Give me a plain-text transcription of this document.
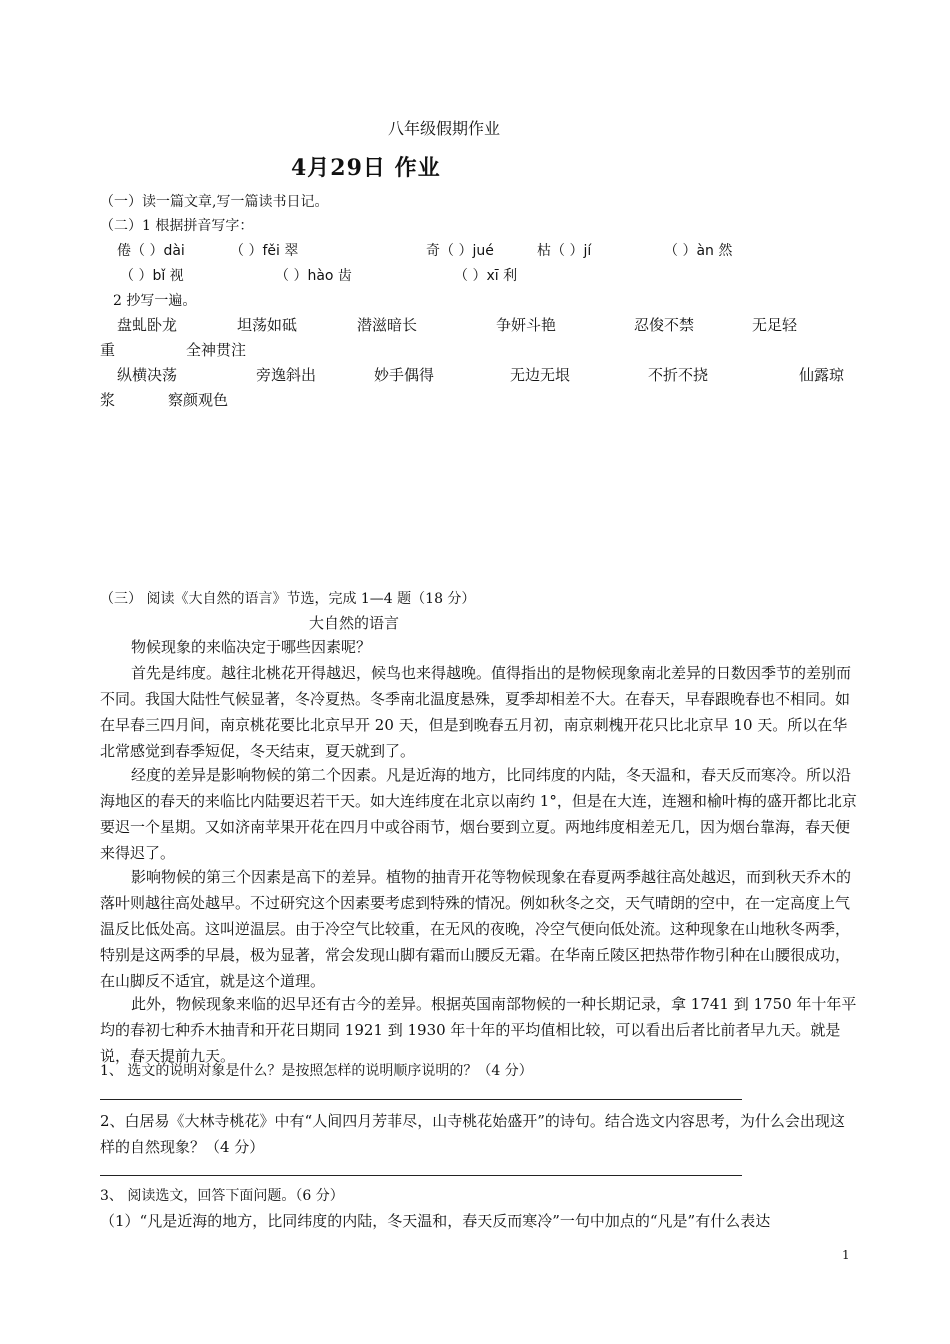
八年级假期作业
4月29日 作业
（一）读一篇文章,写一篇读书日记。
（二）1 根据拼音写字：
倦（ ）dài	（ ）fěi 翠	奇（ ）jué	枯（ ）jí	（ ）àn 然
（ ）bǐ 视	（ ）hào 齿	（ ）xī 利
2 抄写一遍。
盘虬卧龙	坦荡如砥	潜滋暗长	争妍斗艳	忍俊不禁	无足轻
重	全神贯注
纵横决荡	旁逸斜出	妙手偶得	无边无垠	不折不挠	仙露琼
浆	察颜观色
（三） 阅读《大自然的语言》节选，完成 1—4 题（18 分）
大自然的语言
物候现象的来临决定于哪些因素呢？
首先是纬度。越往北桃花开得越迟，候鸟也来得越晚。值得指出的是物候现象南北差异的日数因季节的差别而不同。我国大陆性气候显著，冬冷夏热。冬季南北温度悬殊，夏季却相差不大。在春天，早春跟晚春也不相同。如在早春三四月间，南京桃花要比北京早开 20 天，但是到晚春五月初，南京刺槐开花只比北京早 10 天。所以在华北常感觉到春季短促，冬天结束，夏天就到了。
经度的差异是影响物候的第二个因素。凡是近海的地方，比同纬度的内陆，冬天温和，春天反而寒冷。所以沿海地区的春天的来临比内陆要迟若干天。如大连纬度在北京以南约 1°，但是在大连，连翘和榆叶梅的盛开都比北京要迟一个星期。又如济南苹果开花在四月中或谷雨节，烟台要到立夏。两地纬度相差无几，因为烟台靠海，春天便来得迟了。
影响物候的第三个因素是高下的差异。植物的抽青开花等物候现象在春夏两季越往高处越迟，而到秋天乔木的落叶则越往高处越早。不过研究这个因素要考虑到特殊的情况。例如秋冬之交，天气晴朗的空中，在一定高度上气温反比低处高。这叫逆温层。由于冷空气比较重，在无风的夜晚，冷空气便向低处流。这种现象在山地秋冬两季，特别是这两季的早晨，极为显著，常会发现山脚有霜而山腰反无霜。在华南丘陵区把热带作物引种在山腰很成功，在山脚反不适宜，就是这个道理。
此外，物候现象来临的迟早还有古今的差异。根据英国南部物候的一种长期记录，拿 1741 到 1750 年十年平均的春初七种乔木抽青和开花日期同 1921 到 1930 年十年的平均值相比较，可以看出后者比前者早九天。就是说，春天提前九天。
1、 选文的说明对象是什么？是按照怎样的说明顺序说明的？（4 分）
2、白居易《大林寺桃花》中有“人间四月芳菲尽，山寺桃花始盛开”的诗句。结合选文内容思考，为什么会出现这样的自然现象？（4 分）
3、 阅读选文，回答下面问题。（6 分）
（1）“凡是近海的地方，比同纬度的内陆，冬天温和，春天反而寒冷”一句中加点的“凡是”有什么表达
1
